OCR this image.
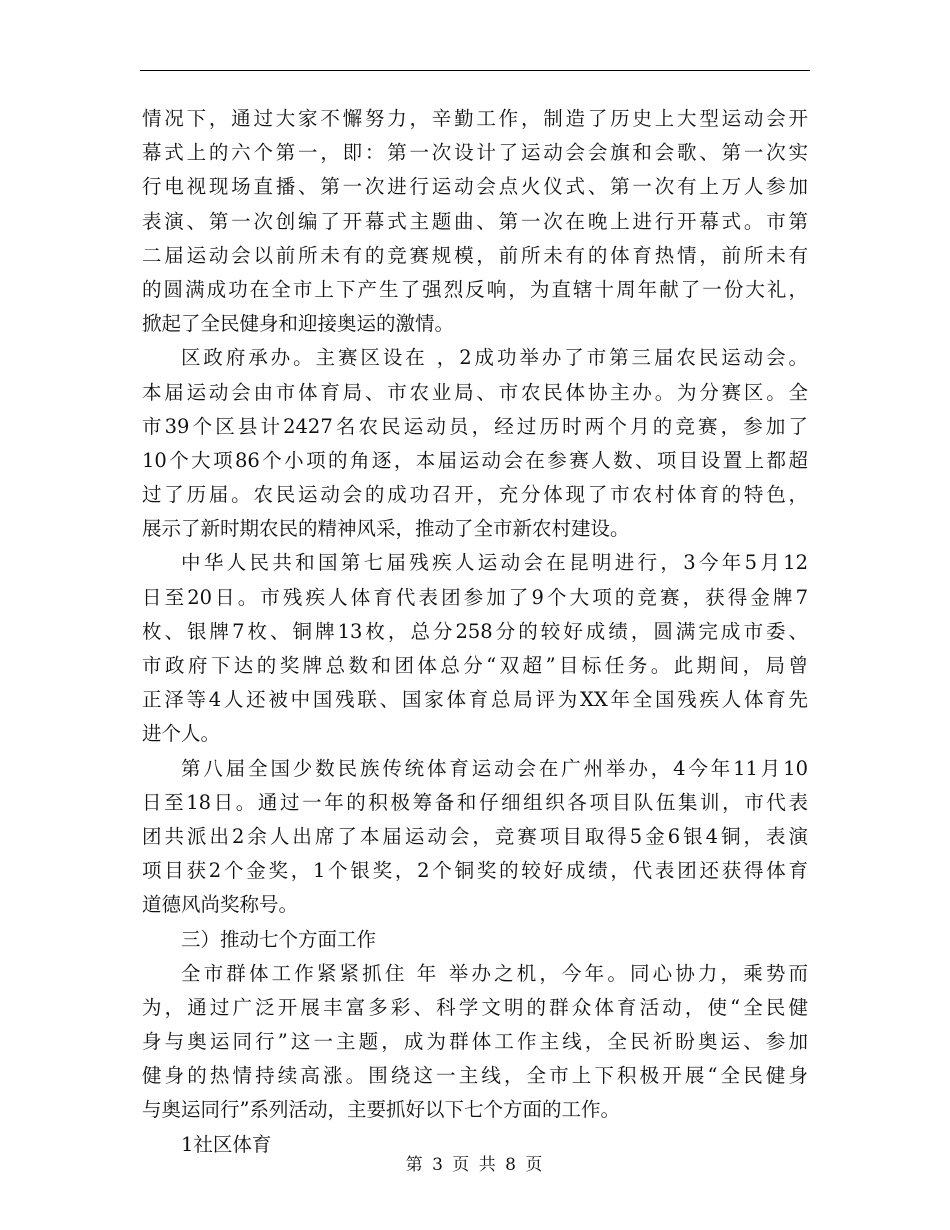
情况下，通过大家不懈努力，辛勤工作，制造了历史上大型运动会开
幕式上的六个第一，即：第一次设计了运动会会旗和会歌、第一次实
行电视现场直播、第一次进行运动会点火仪式、第一次有上万人参加
表演、第一次创编了开幕式主题曲、第一次在晚上进行开幕式。市第
二届运动会以前所未有的竞赛规模，前所未有的体育热情，前所未有
的圆满成功在全市上下产生了强烈反响，为直辖十周年献了一份大礼，
掀起了全民健身和迎接奥运的激情。
区政府承办。主赛区设在 ，2成功举办了市第三届农民运动会。
本届运动会由市体育局、市农业局、市农民体协主办。为分赛区。全
市39个区县计2427名农民运动员，经过历时两个月的竞赛，参加了
10个大项86个小项的角逐，本届运动会在参赛人数、项目设置上都超
过了历届。农民运动会的成功召开，充分体现了市农村体育的特色，
展示了新时期农民的精神风采，推动了全市新农村建设。
中华人民共和国第七届残疾人运动会在昆明进行，3今年5月12
日至20日。市残疾人体育代表团参加了9个大项的竞赛，获得金牌7
枚、银牌7枚、铜牌13枚，总分258分的较好成绩，圆满完成市委、
市政府下达的奖牌总数和团体总分“双超”目标任务。此期间，局曾
正泽等4人还被中国残联、国家体育总局评为XX年全国残疾人体育先
进个人。
第八届全国少数民族传统体育运动会在广州举办，4今年11月10
日至18日。通过一年的积极筹备和仔细组织各项目队伍集训，市代表
团共派出2余人出席了本届运动会，竞赛项目取得5金6银4铜，表演
项目获2个金奖，1个银奖，2个铜奖的较好成绩，代表团还获得体育
道德风尚奖称号。
三）推动七个方面工作
全市群体工作紧紧抓住 年 举办之机，今年。同心协力，乘势而
为，通过广泛开展丰富多彩、科学文明的群众体育活动，使“全民健
身与奥运同行”这一主题，成为群体工作主线，全民祈盼奥运、参加
健身的热情持续高涨。围绕这一主线，全市上下积极开展“全民健身
与奥运同行”系列活动，主要抓好以下七个方面的工作。
1社区体育
第 3 页 共 8 页
